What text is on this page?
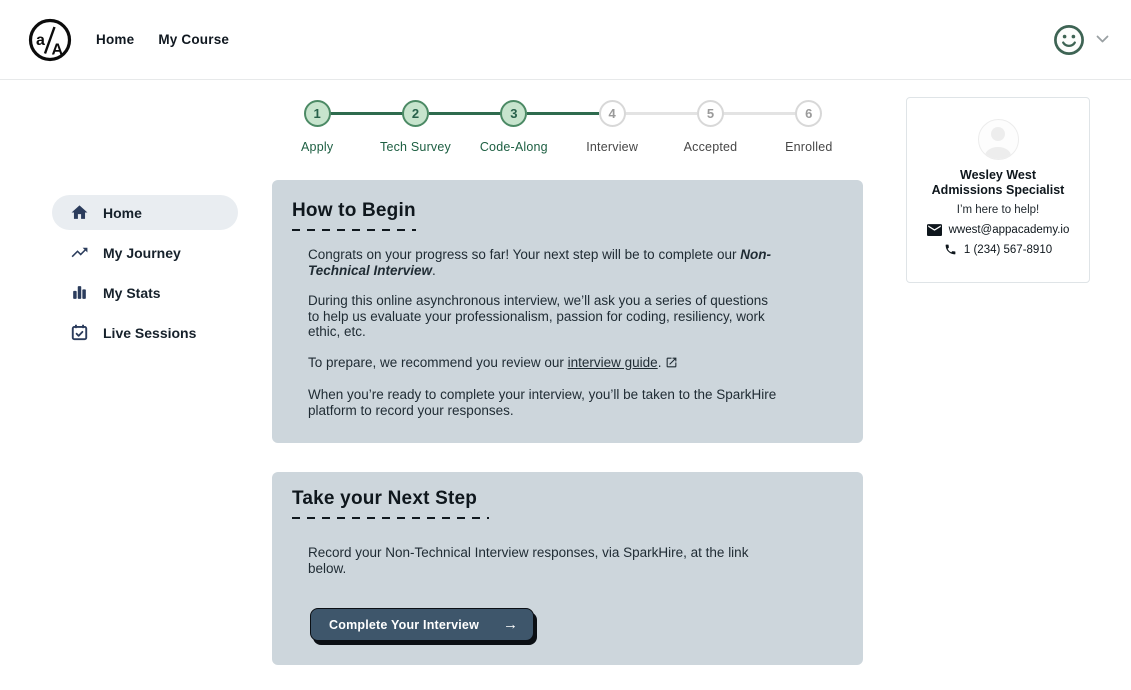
a
A
Home My Course
1
Apply
2
Tech Survey
3
Code-Along
4
Interview
5
Accepted
6
Enrolled
Home
My Journey
My Stats
Live Sessions
How to Begin

Congrats on your progress so far! Your next step will be to complete our Non-Technical Interview.

During this online asynchronous interview, we’ll ask you a series of questions to help us evaluate your professionalism, passion for coding, resiliency, work ethic, etc.

To prepare, we recommend you review our interview guide.

When you’re ready to complete your interview, you’ll be taken to the SparkHire platform to record your responses.

Take your Next Step

Record your Non-Technical Interview responses, via SparkHire, at the link below.

Complete Your Interview →
Wesley West
Admissions Specialist
I’m here to help!
wwest@appacademy.io
1 (234) 567-8910
